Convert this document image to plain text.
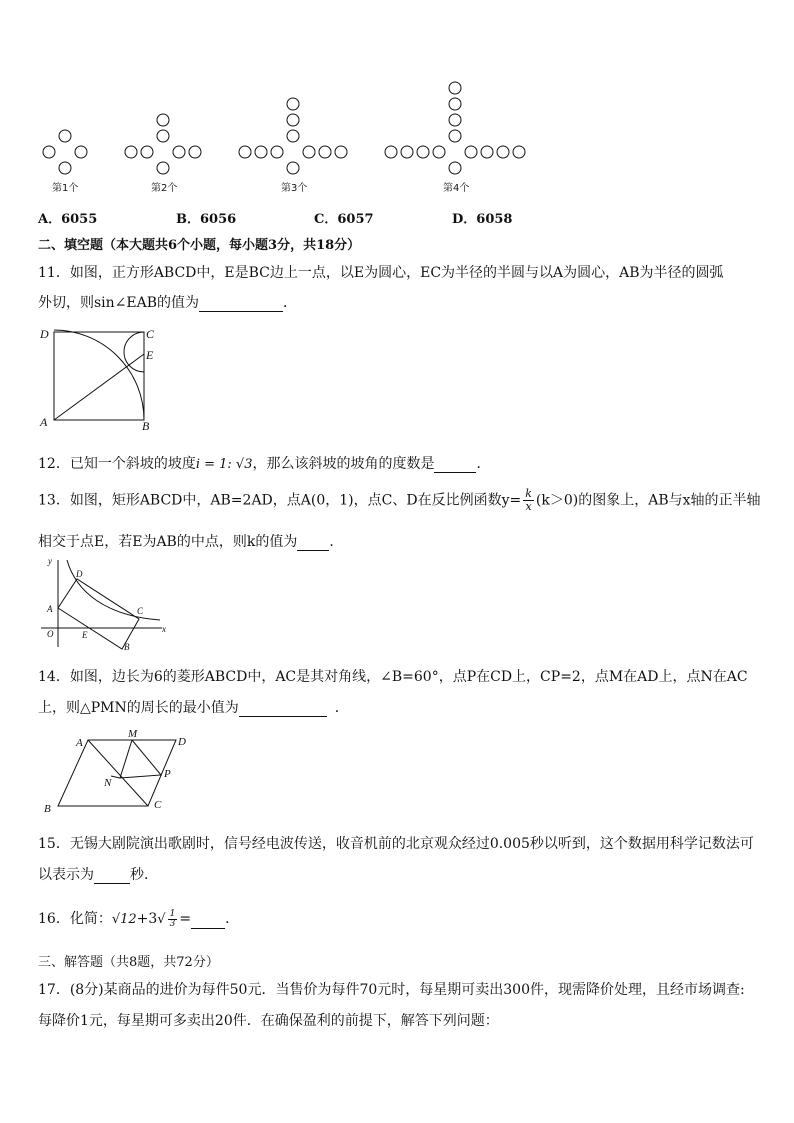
第1个	第2个	第3个	第4个
A．6055	B．6056	C．6057	D．6058
二、填空题（本大题共6个小题，每小题3分，共18分）
11．如图，正方形ABCD中，E是BC边上一点，以E为圆心，EC为半径的半圆与以A为圆心，AB为半径的圆弧
外切，则sin∠EAB的值为	．
D	C
E
A	B
12．已知一个斜坡的坡度i = 1: √3，那么该斜坡的坡角的度数是	．
13．如图，矩形ABCD中，AB=2AD，点A(0，1)，点C、D在反比例函数$y= \frac{k}{x} (k>0)$的图象上，AB与x轴的正半轴
相交于点E，若E为AB的中点，则k的值为 ．
y
x
O
A
D
C
E
B
14．如图，边长为6的菱形ABCD中，AC是其对角线，∠B=60°，点P在CD上，CP=2，点M在AD上，点N在AC
上，则△PMN的周长的最小值为	．
A
M
D
N
P
B	C
15．无锡大剧院演出歌剧时，信号经电波传送，收音机前的北京观众经过0.005秒以听到，这个数据用科学记数法可
以表示为	秒．
16．化简：$√12+3√ \frac{1}{3}$ = ．
三、解答题（共8题，共72分）
17．(8分)某商品的进价为每件50元．当售价为每件70元时，每星期可卖出300件，现需降价处理，且经市场调查:
每降价1元，每星期可多卖出20件．在确保盈利的前提下，解答下列问题：
